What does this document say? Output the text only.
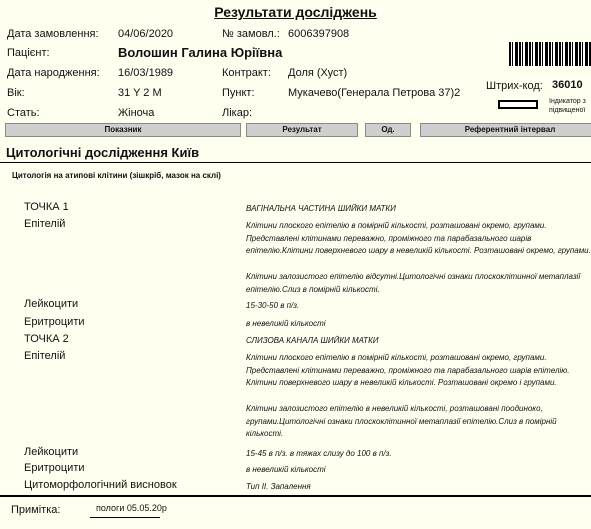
Результати досліджень
Дата замовлення: 04/06/2020	№ замовл.: 6006397908
Пацієнт:	Волошин Галина Юріївна
Дата народження: 16/03/1989	Контракт: Доля (Хуст)
Вік:	31 Y 2 M	Пункт:	Мукачево(Генерала Петрова 37)2
Стать:	Жіноча	Лікар:
Штрих-код: 36010
Індикатор з
підвищеної
Показник	Результат	Од.	Референтний інтервал
Цитологічні дослідження Київ
Цитологія на атипові клітини (зішкріб, мазок на склі)
ТОЧКА 1	ВАГІНАЛЬНА ЧАСТИНА ШИЙКИ МАТКИ
Епітелій	Клітини плоского епітелію в помірній кількості, розташовані окремо, групами. Представлені клітинами переважно, проміжного та парабазального шарів епітелію.Клітини поверхневого шару в невеликій кількості. Розташовані окремо, групами.
Клітини залозистого епітелію відсутні.Цитологічні ознаки плоскоклітинної метаплазії епітелію.Слиз в помірній кількості.
Лейкоцити	15-30-50 в п/з.
Еритроцити	в невеликій кількості
ТОЧКА 2	СЛИЗОВА КАНАЛА ШИЙКИ МАТКИ
Епітелій	Клітини плоского епітелію в помірній кількості, розташовані окремо, групами. Представлені клітинами переважно, проміжного та парабазального шарів епітелію. Клітини поверхневого шару в невеликій кількості. Розташовані окремо і групами.
Клітини залозистого епітелію в невеликій кількості, розташовані поодиноко, групами.Цитологічні ознаки плоскоклітинної метаплазії епітелію.Слиз в помірній кількості.
Лейкоцити	15-45 в п/з. в тяжах слизу до 100 в п/з.
Еритроцити	в невеликій кількості
Цитоморфологічний висновок	Тип II. Запалення
Примітка:	пологи 05.05.20р
